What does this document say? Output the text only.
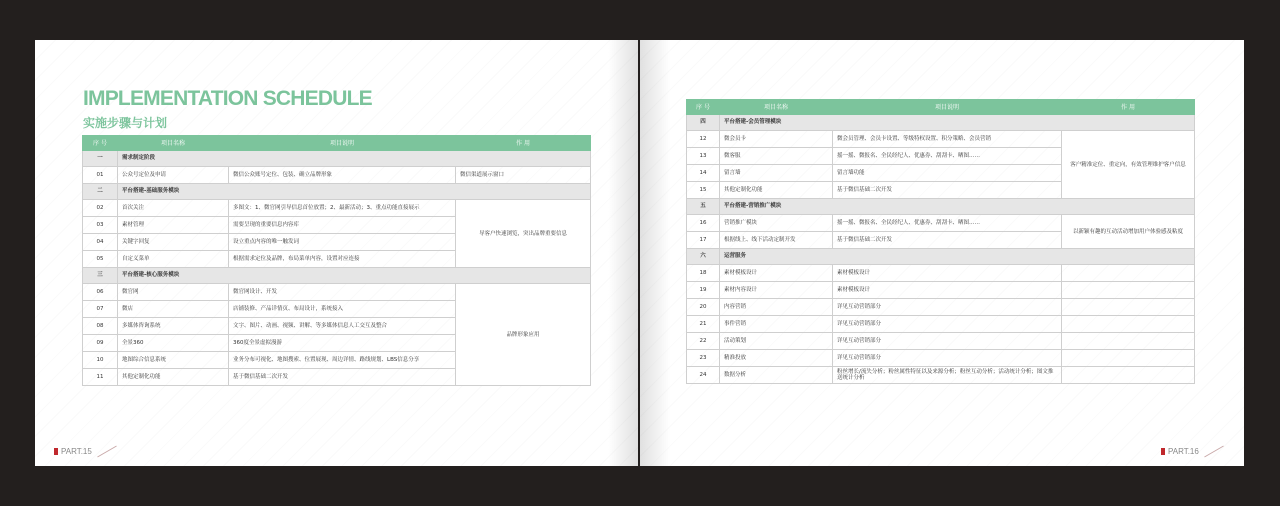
IMPLEMENTATION SCHEDULE
实施步骤与计划
序 号	项目名称	项目说明	作 用
一	需求制定阶段		
01	公众号定位及申请	微信公众账号定位、包装、确立品牌形象	微信渠道展示窗口
二	平台搭建-基础服务模块		
02	首次关注	多图文：1、微官网引导信息首位放置；2、最新活动；3、重点功能直接展示	导客户快速浏览，突出品牌重要信息
03	素材管理	需要呈现的重要信息内容库	
04	关键字回复	设立重点内容的唯一触发词	
05	自定义菜单	根据需求定位及品牌，布局菜单内容，设置对应连接	
三	平台搭建-核心服务模块		
06	微官网	微官网设计、开发	品牌形象应用
07	微店	店铺装修、产品详情页、布局设计，系统接入	
08	多媒体咨询系统	文字、图片、动画、视频、讲解、等多媒体信息人工交互及整合	
09	全景360	360度全景虚拟漫游	
10	地图综合信息系统	业务分布可视化、地图搜索、位置展现、周边详情、路线规划、LBS信息分享	
11	其他定制化功能	基于微信基础二次开发	
PART.15
序 号	项目名称	项目说明	作 用
四	平台搭建-会员管理模块		
12	微会员卡	微会员管理、会员卡设置、等级特权设置、积分策略、会员营销	客户精准定位、重定向，有效管理维护客户信息
13	微客服	摇一摇、微报名、全民经纪人、优惠券、刮刮卡、晒图……	
14	留言墙	留言墙功能	
15	其他定制化功能	基于微信基础二次开发	
五	平台搭建-营销推广模块		
16	营销推广模块	摇一摇、微报名、全民经纪人、优惠券、刮刮卡、晒图……	以新颖有趣的互动活动增加用户体验感及粘度
17	根据线上、线下活动定制开发	基于微信基础二次开发	
六	运营服务		
18	素材模板设计	素材模板设计	
19	素材内容设计	素材模板设计	
20	内容营销	详见互动营销部分	
21	事件营销	详见互动营销部分	
22	活动策划	详见互动营销部分	
23	精准投放	详见互动营销部分	
24	数据分析	粉丝增长/流失分析；粉丝属性特征以及来源分析；粉丝互动分析；活动统计分析；图文推送统计分析	
PART.16
